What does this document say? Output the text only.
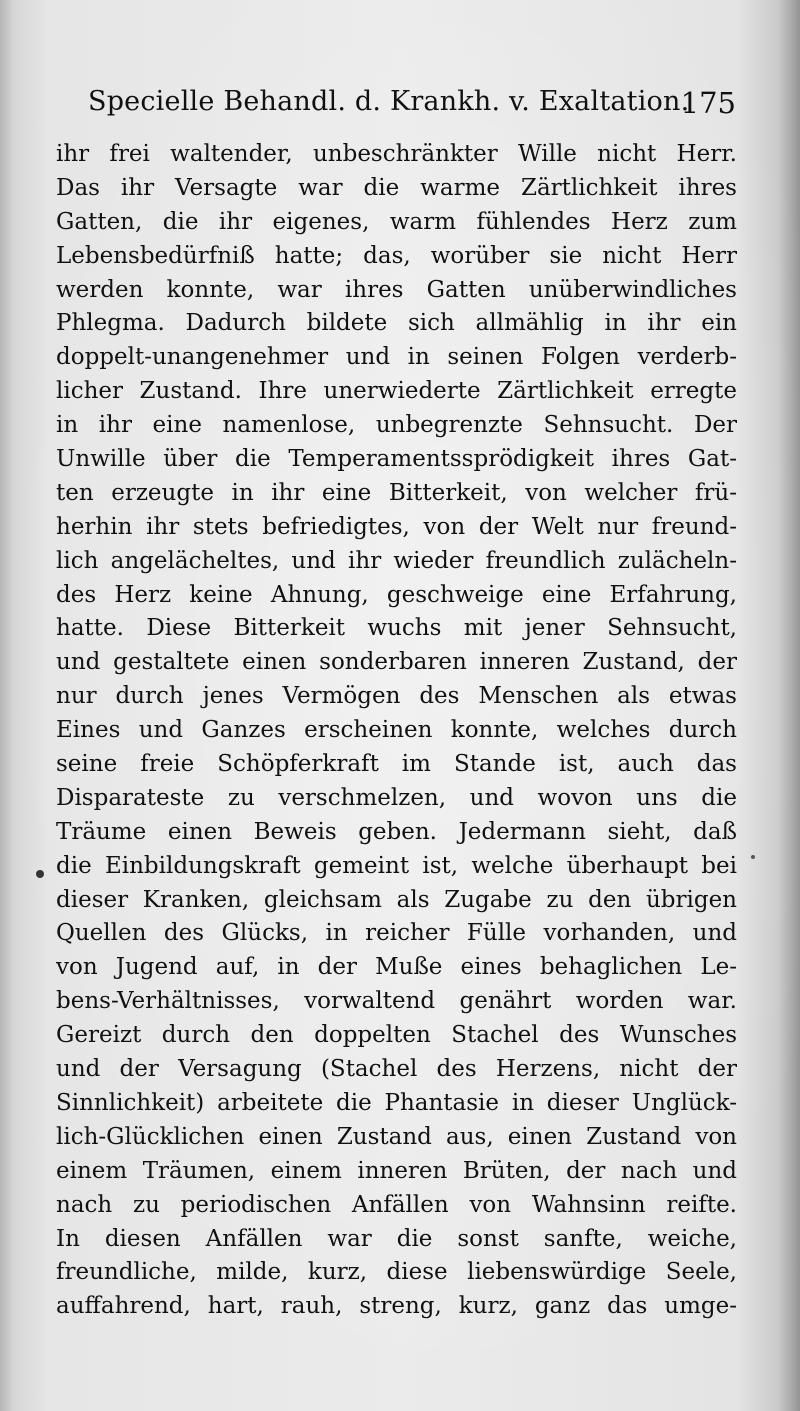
Specielle Behandl. d. Krankh. v. Exaltation.
175
ihr frei waltender, unbeschränkter Wille nicht Herr.
Das ihr Versagte war die warme Zärtlichkeit ihres
Gatten, die ihr eigenes, warm fühlendes Herz zum
Lebensbedürfniß hatte; das, worüber sie nicht Herr
werden konnte, war ihres Gatten unüberwindliches
Phlegma. Dadurch bildete sich allmählig in ihr ein
doppelt-unangenehmer und in seinen Folgen verderb-
licher Zustand. Ihre unerwiederte Zärtlichkeit erregte
in ihr eine namenlose, unbegrenzte Sehnsucht. Der
Unwille über die Temperamentssprödigkeit ihres Gat-
ten erzeugte in ihr eine Bitterkeit, von welcher frü-
herhin ihr stets befriedigtes, von der Welt nur freund-
lich angelächeltes, und ihr wieder freundlich zulächeln-
des Herz keine Ahnung, geschweige eine Erfahrung,
hatte. Diese Bitterkeit wuchs mit jener Sehnsucht,
und gestaltete einen sonderbaren inneren Zustand, der
nur durch jenes Vermögen des Menschen als etwas
Eines und Ganzes erscheinen konnte, welches durch
seine freie Schöpferkraft im Stande ist, auch das
Disparateste zu verschmelzen, und wovon uns die
Träume einen Beweis geben. Jedermann sieht, daß
die Einbildungskraft gemeint ist, welche überhaupt bei
dieser Kranken, gleichsam als Zugabe zu den übrigen
Quellen des Glücks, in reicher Fülle vorhanden, und
von Jugend auf, in der Muße eines behaglichen Le-
bens-Verhältnisses, vorwaltend genährt worden war.
Gereizt durch den doppelten Stachel des Wunsches
und der Versagung (Stachel des Herzens, nicht der
Sinnlichkeit) arbeitete die Phantasie in dieser Unglück-
lich-Glücklichen einen Zustand aus, einen Zustand von
einem Träumen, einem inneren Brüten, der nach und
nach zu periodischen Anfällen von Wahnsinn reifte.
In diesen Anfällen war die sonst sanfte, weiche,
freundliche, milde, kurz, diese liebenswürdige Seele,
auffahrend, hart, rauh, streng, kurz, ganz das umge-
